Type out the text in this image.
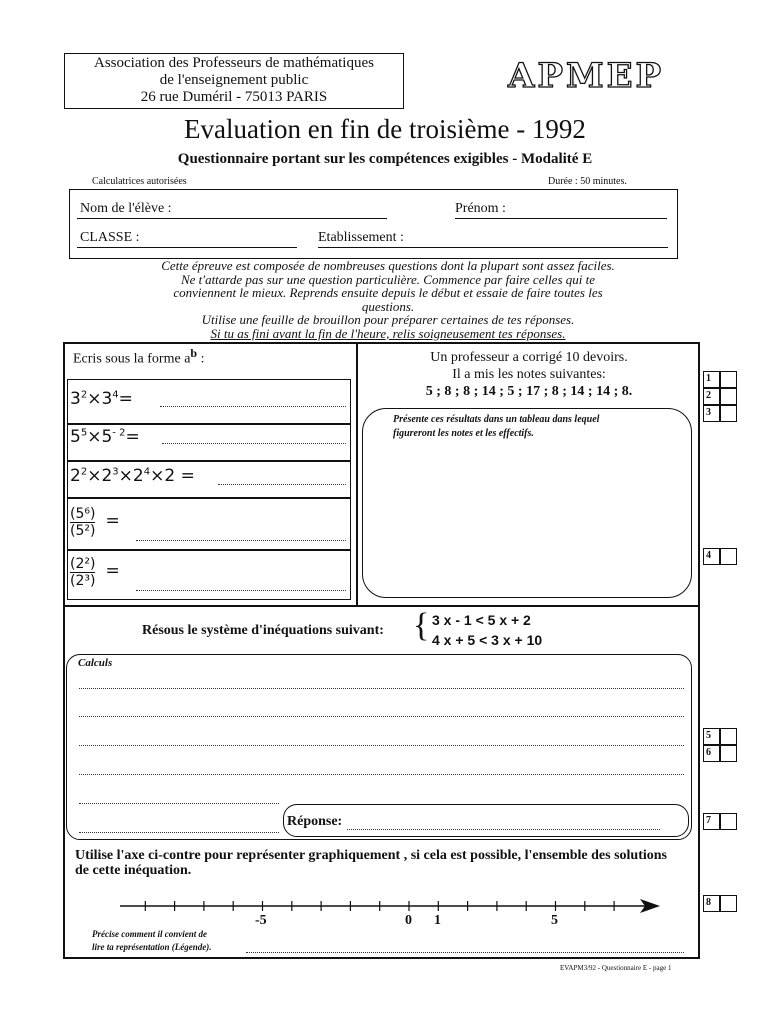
Association des Professeurs de mathématiques
de l'enseignement public
26 rue Duméril - 75013 PARIS
APMEP
Evaluation en fin de troisième - 1992
Questionnaire portant sur les compétences exigibles - Modalité E
Calculatrices autorisées	Durée : 50 minutes.
Nom de l'élève :	Prénom :
CLASSE :	Etablissement :
Cette épreuve est composée de nombreuses questions dont la plupart sont assez faciles.
Ne t'attarde pas sur une question particulière. Commence par faire celles qui te
conviennent le mieux. Reprends ensuite depuis le début et essaie de faire toutes les
questions.
Utilise une feuille de brouillon pour préparer certaines de tes réponses.
Si tu as fini avant la fin de l'heure, relis soigneusement tes réponses.
Ecris sous la forme $a^b$ :
$3^2\times 3^4=$
$5^5\times 5^{- 2}=$
$2^2\times 2^3\times 2^4\times 2$ =
$\frac{\text{(5⁶)}}{\text{(5²)}}$ =
$\frac{\text{(2²)}}{\text{(2³)}}$ =
Un professeur a corrigé 10 devoirs.
Il a mis les notes suivantes:
5 ; 8 ; 8 ; 14 ; 5 ; 17 ; 8 ; 14 ; 14 ; 8.
Présente ces résultats dans un tableau dans lequel
figureront les notes et les effectifs.
Résous le système d'inéquations suivant: { 3 x - 1 < 5 x + 2
4 x + 5 < 3 x + 10
Calculs
Réponse:
Utilise l'axe ci-contre pour représenter graphiquement , si cela est possible, l'ensemble des solutions de cette inéquation.
-5	0 1	5
Précise comment il convient de
lire ta représentation (Légende).
1
2
3
4
5
6
7
8
EVAPM3/92 - Questionnaire E - page 1
